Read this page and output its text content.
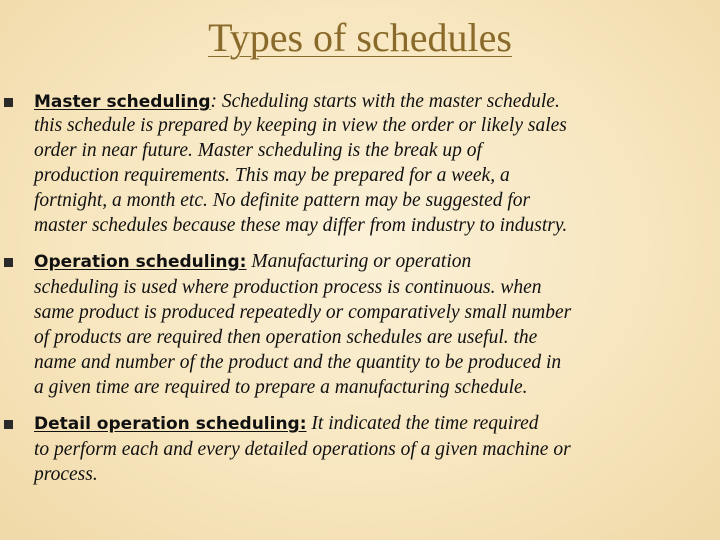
Types of schedules
Master scheduling: Scheduling starts with the master schedule.
this schedule is prepared by keeping in view the order or likely sales
order in near future. Master scheduling is the break up of
production requirements. This may be prepared for a week, a
fortnight, a month etc. No definite pattern may be suggested for
master schedules because these may differ from industry to industry.
Operation scheduling: Manufacturing or operation
scheduling is used where production process is continuous. when
same product is produced repeatedly or comparatively small number
of products are required then operation schedules are useful. the
name and number of the product and the quantity to be produced in
a given time are required to prepare a manufacturing schedule.
Detail operation scheduling: It indicated the time required
to perform each and every detailed operations of a given machine or
process.
